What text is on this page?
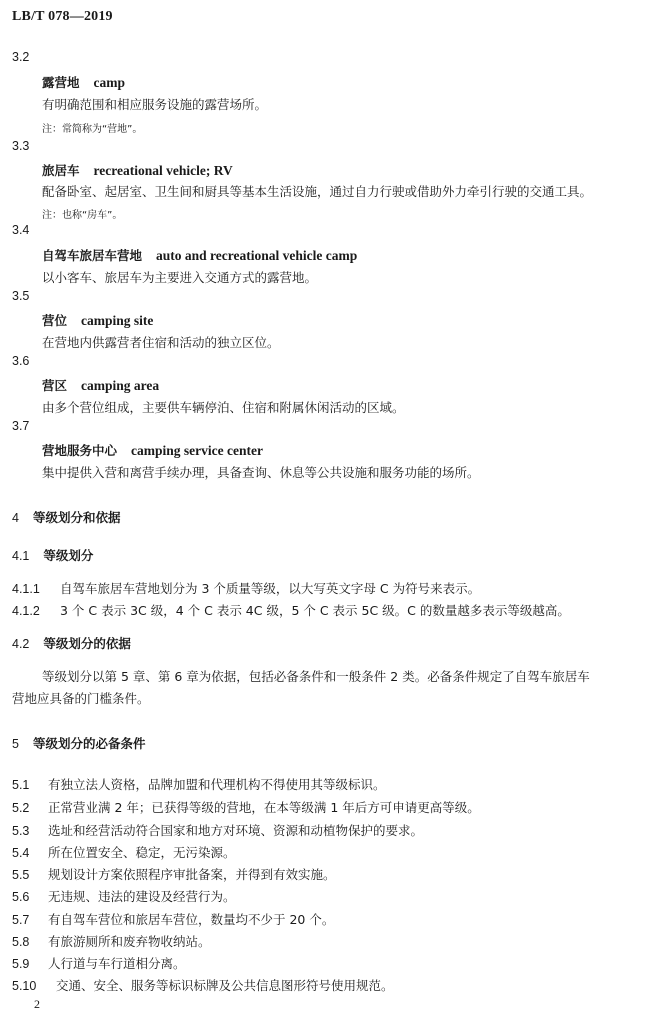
LB/T 078—2019
3.2
露营地 camp
有明确范围和相应服务设施的露营场所。
注：常简称为“营地”。
3.3
旅居车 recreational vehicle; RV
配备卧室、起居室、卫生间和厨具等基本生活设施，通过自力行驶或借助外力牵引行驶的交通工具。
注：也称“房车”。
3.4
自驾车旅居车营地 auto and recreational vehicle camp
以小客车、旅居车为主要进入交通方式的露营地。
3.5
营位 camping site
在营地内供露营者住宿和活动的独立区位。
3.6
营区 camping area
由多个营位组成，主要供车辆停泊、住宿和附属休闲活动的区域。
3.7
营地服务中心 camping service center
集中提供入营和离营手续办理，具备查询、休息等公共设施和服务功能的场所。
4 等级划分和依据
4.1 等级划分
4.1.1 自驾车旅居车营地划分为 3 个质量等级，以大写英文字母 C 为符号来表示。
4.1.2 3 个 C 表示 3C 级，4 个 C 表示 4C 级，5 个 C 表示 5C 级。C 的数量越多表示等级越高。
4.2 等级划分的依据
等级划分以第 5 章、第 6 章为依据，包括必备条件和一般条件 2 类。必备条件规定了自驾车旅居车
营地应具备的门槛条件。
5 等级划分的必备条件
5.1 有独立法人资格，品牌加盟和代理机构不得使用其等级标识。
5.2 正常营业满 2 年；已获得等级的营地，在本等级满 1 年后方可申请更高等级。
5.3 选址和经营活动符合国家和地方对环境、资源和动植物保护的要求。
5.4 所在位置安全、稳定，无污染源。
5.5 规划设计方案依照程序审批备案，并得到有效实施。
5.6 无违规、违法的建设及经营行为。
5.7 有自驾车营位和旅居车营位，数量均不少于 20 个。
5.8 有旅游厕所和废弃物收纳站。
5.9 人行道与车行道相分离。
5.10 交通、安全、服务等标识标牌及公共信息图形符号使用规范。
2
